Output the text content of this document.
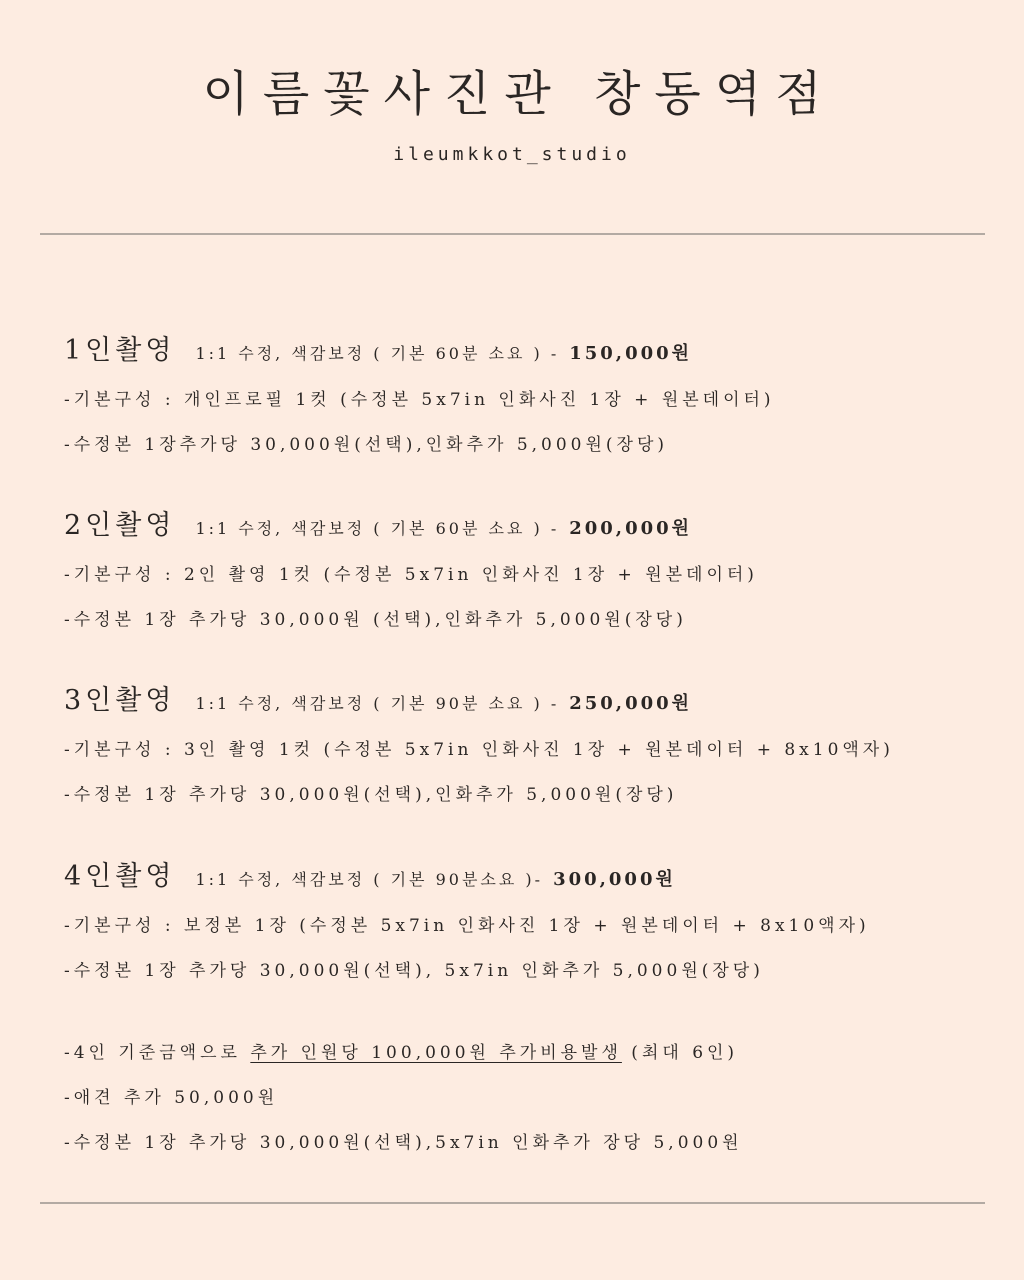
이름꽃사진관 창동역점
ileumkkot_studio
1인촬영 1:1 수정, 색감보정 ( 기본 60분 소요 ) - 150,000원
-기본구성 : 개인프로필 1컷 (수정본 5x7in 인화사진 1장 + 원본데이터)
-수정본 1장추가당 30,000원(선택),인화추가 5,000원(장당)
2인촬영 1:1 수정, 색감보정 ( 기본 60분 소요 ) - 200,000원
-기본구성 : 2인 촬영 1컷 (수정본 5x7in 인화사진 1장 + 원본데이터)
-수정본 1장 추가당 30,000원 (선택),인화추가 5,000원(장당)
3인촬영 1:1 수정, 색감보정 ( 기본 90분 소요 ) - 250,000원
-기본구성 : 3인 촬영 1컷 (수정본 5x7in 인화사진 1장 + 원본데이터 + 8x10액자)
-수정본 1장 추가당 30,000원(선택),인화추가 5,000원(장당)
4인촬영 1:1 수정, 색감보정 ( 기본 90분소요 )- 300,000원
-기본구성 : 보정본 1장 (수정본 5x7in 인화사진 1장 + 원본데이터 + 8x10액자)
-수정본 1장 추가당 30,000원(선택), 5x7in 인화추가 5,000원(장당)
-4인 기준금액으로 추가 인원당 100,000원 추가비용발생 (최대 6인)
-애견 추가 50,000원
-수정본 1장 추가당 30,000원(선택),5x7in 인화추가 장당 5,000원
